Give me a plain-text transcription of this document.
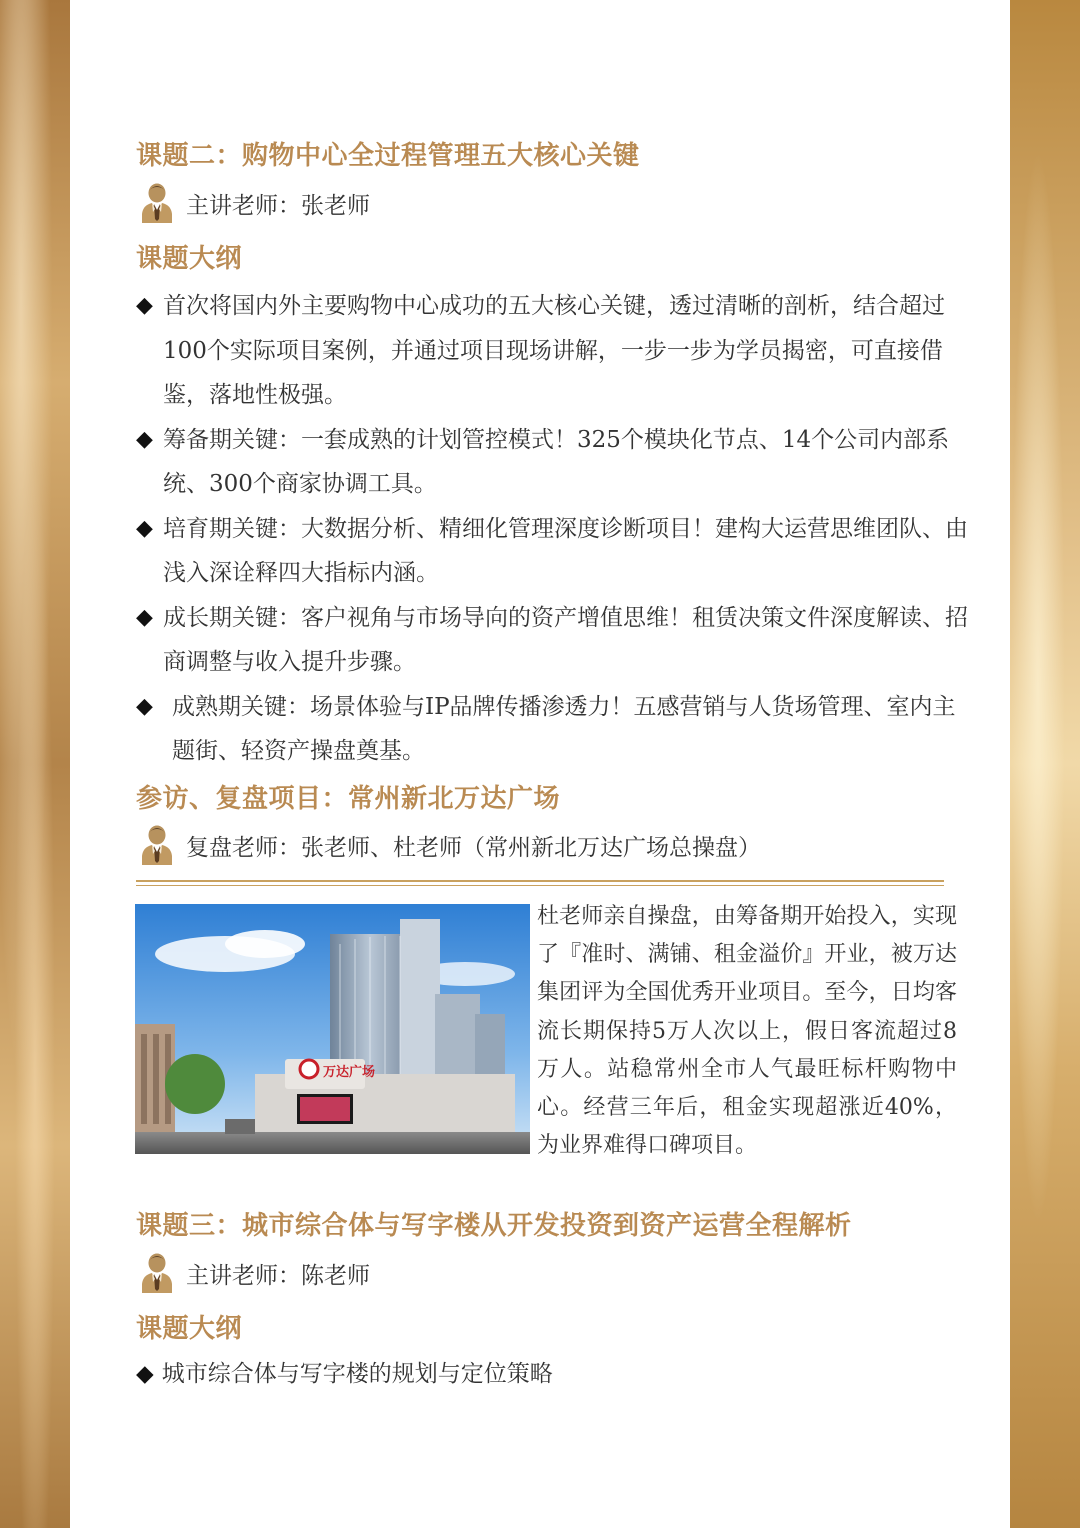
课题二：购物中心全过程管理五大核心关键
主讲老师：张老师
课题大纲
◆ 首次将国内外主要购物中心成功的五大核心关键，透过清晰的剖析，结合超过100个实际项目案例，并通过项目现场讲解，一步一步为学员揭密，可直接借鉴，落地性极强。
◆ 筹备期关键：一套成熟的计划管控模式！325个模块化节点、14个公司内部系统、300个商家协调工具。
◆ 培育期关键：大数据分析、精细化管理深度诊断项目！建构大运营思维团队、由浅入深诠释四大指标内涵。
◆ 成长期关键：客户视角与市场导向的资产增值思维！租赁决策文件深度解读、招商调整与收入提升步骤。
◆ 成熟期关键：场景体验与IP品牌传播渗透力！五感营销与人货场管理、室内主题街、轻资产操盘奠基。
参访、复盘项目：常州新北万达广场
复盘老师：张老师、杜老师（常州新北万达广场总操盘）
万达广场

杜老师亲自操盘，由筹备期开始投入，实现了『准时、满铺、租金溢价』开业，被万达集团评为全国优秀开业项目。至今，日均客流长期保持5万人次以上，假日客流超过8万人。站稳常州全市人气最旺标杆购物中心。经营三年后，租金实现超涨近40%，为业界难得口碑项目。

课题三：城市综合体与写字楼从开发投资到资产运营全程解析
主讲老师：陈老师
课题大纲
◆ 城市综合体与写字楼的规划与定位策略
